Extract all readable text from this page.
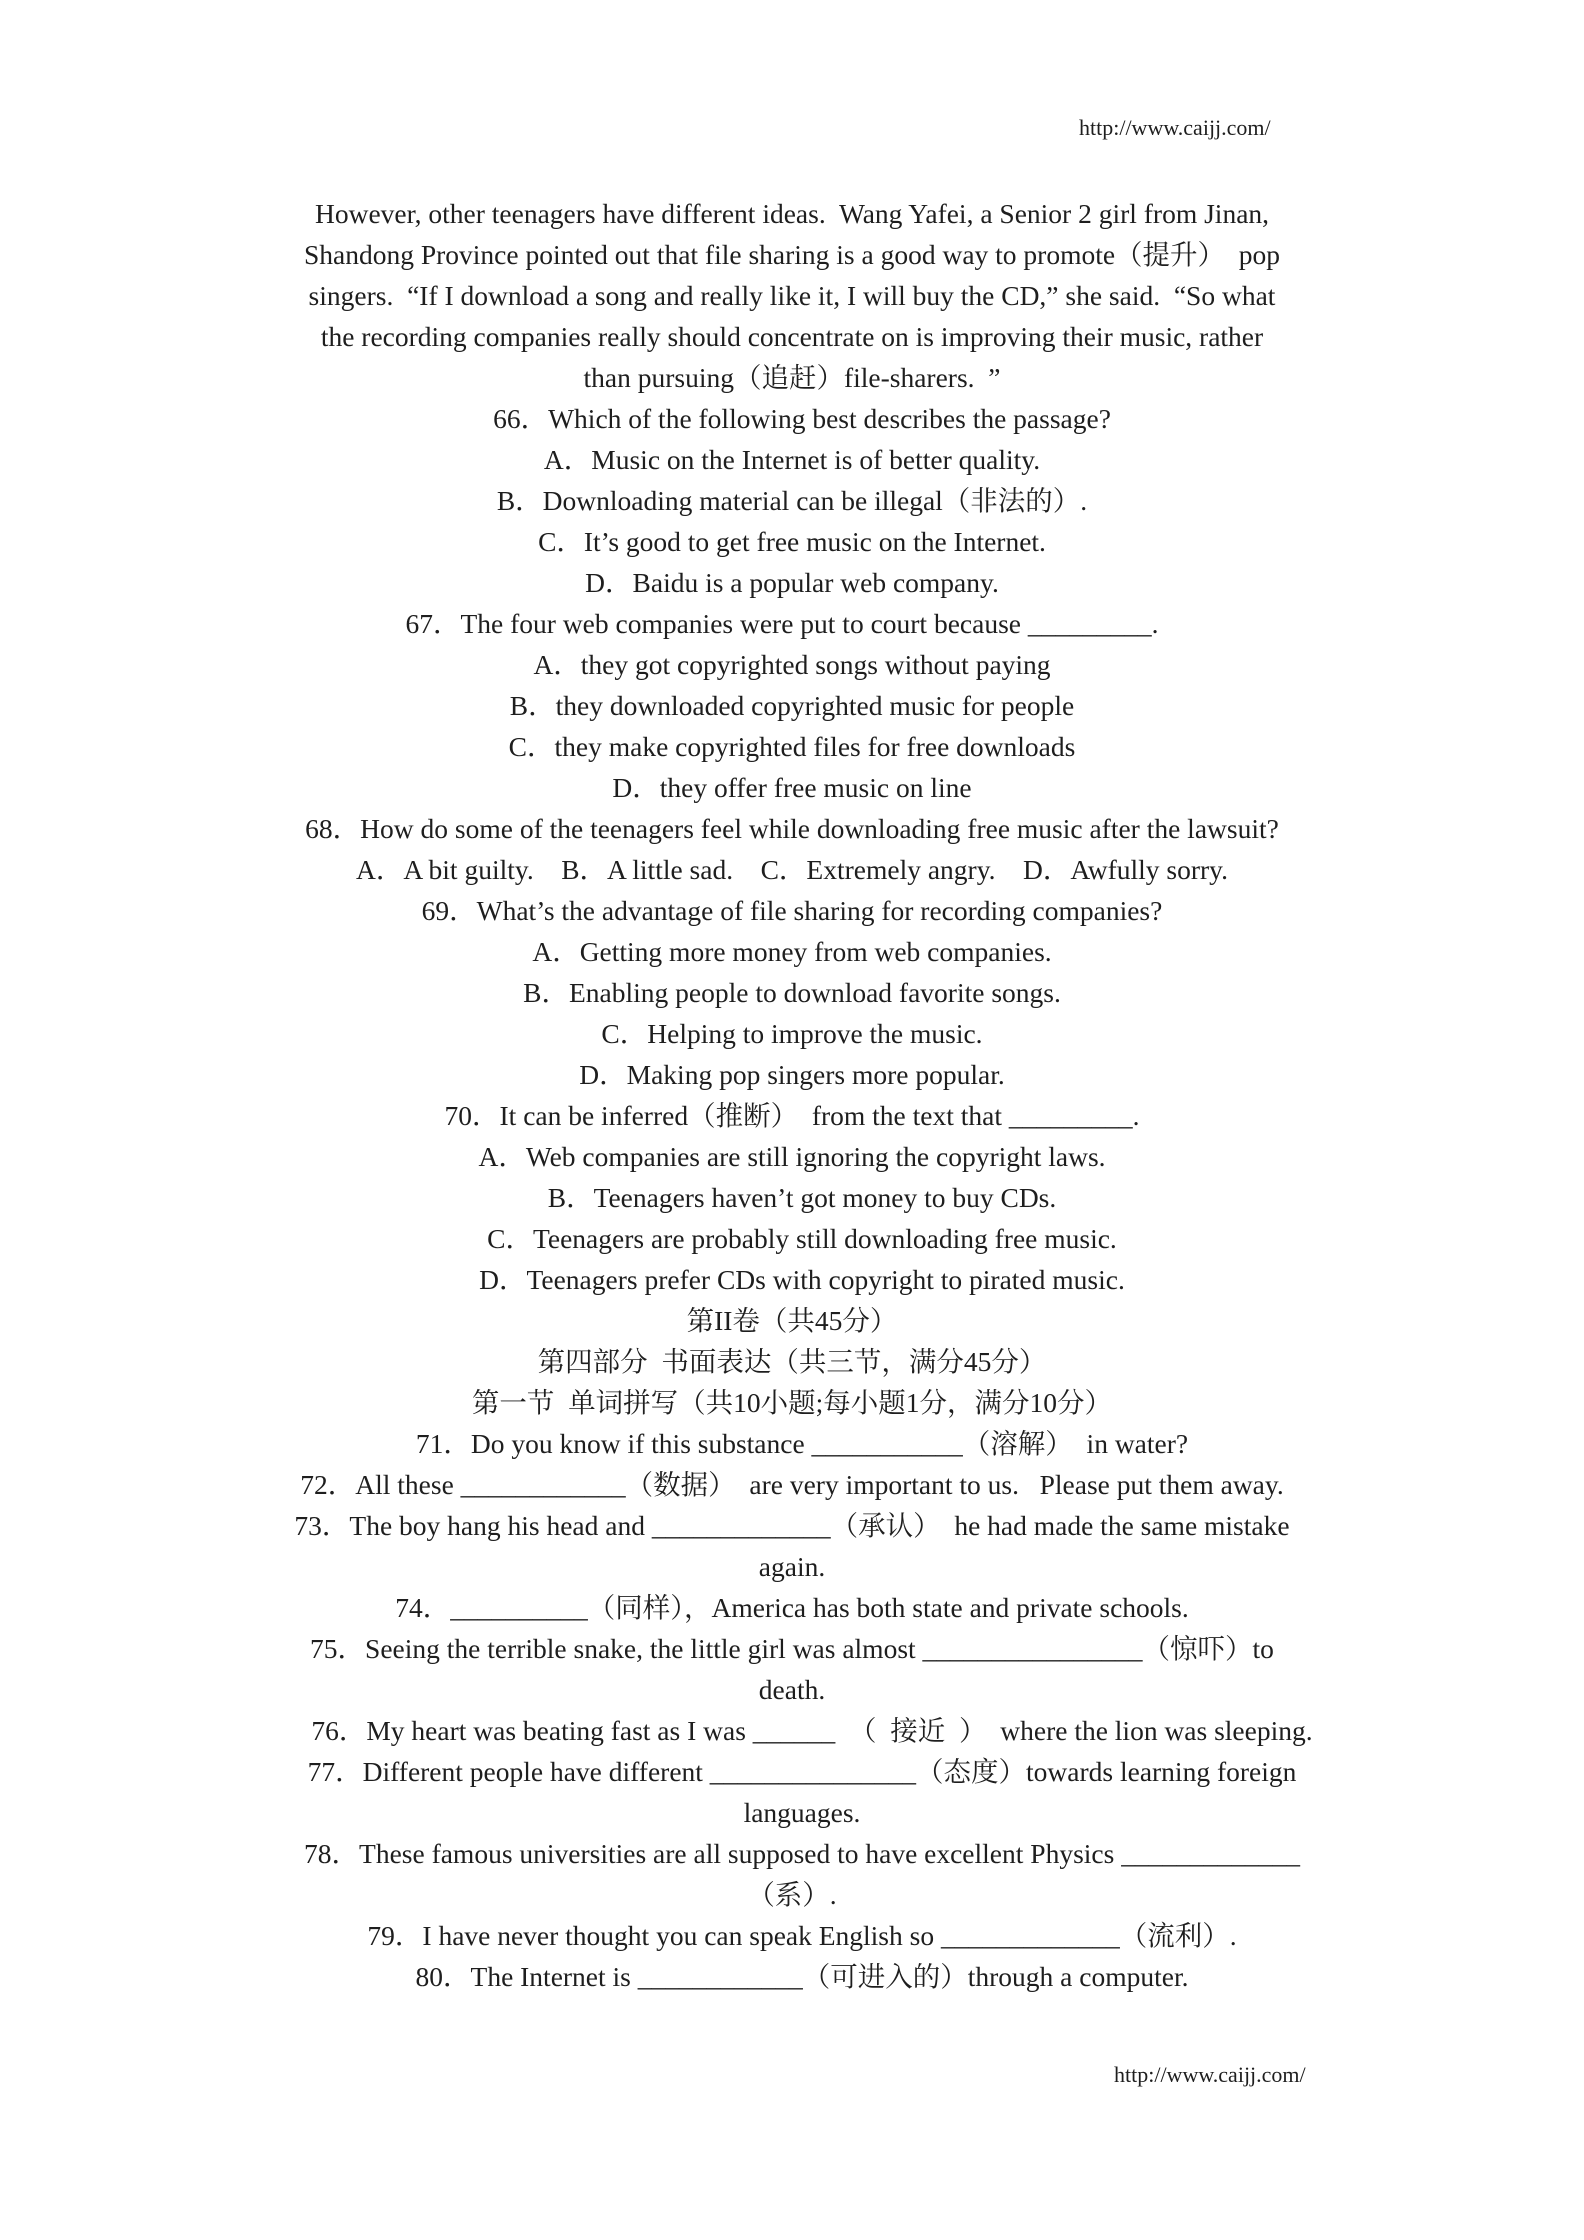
http://www.caijj.com/

However, other teenagers have different ideas.  Wang Yafei, a Senior 2 girl from Jinan,

Shandong Province pointed out that file sharing is a good way to promote（提升）  pop

singers.  “If I download a song and really like it, I will buy the CD,” she said.  “So what

the recording companies really should concentrate on is improving their music, rather

than pursuing（追赶）file-sharers.  ”

66．Which of the following best describes the passage?

A．Music on the Internet is of better quality.

B．Downloading material can be illegal（非法的）.

C．It’s good to get free music on the Internet.

D．Baidu is a popular web company.

67．The four web companies were put to court because _________.

A．they got copyrighted songs without paying

B．they downloaded copyrighted music for people

C．they make copyrighted files for free downloads

D．they offer free music on line

68．How do some of the teenagers feel while downloading free music after the lawsuit?

A．A bit guilty.    B．A little sad.    C．Extremely angry.    D．Awfully sorry.

69．What’s the advantage of file sharing for recording companies?

A．Getting more money from web companies.

B．Enabling people to download favorite songs.

C．Helping to improve the music.

D．Making pop singers more popular.

70．It can be inferred（推断）  from the text that _________.

A．Web companies are still ignoring the copyright laws.

B．Teenagers haven’t got money to buy CDs.

C．Teenagers are probably still downloading free music.

D．Teenagers prefer CDs with copyright to pirated music.

第II卷（共45分）

第四部分  书面表达（共三节，满分45分）

第一节  单词拼写（共10小题;每小题1分，满分10分）

71．Do you know if this substance ___________（溶解）  in water?

72．All these ____________（数据）  are very important to us.   Please put them away.

73．The boy hang his head and _____________（承认）  he had made the same mistake

again.

74．__________（同样），America has both state and private schools.

75．Seeing the terrible snake, the little girl was almost ________________（惊吓）to

death.

76．My heart was beating fast as I was ______  （  接近  ）  where the lion was sleeping.

77．Different people have different _______________（态度）towards learning foreign

languages.

78．These famous universities are all supposed to have excellent Physics _____________

（系）.

79．I have never thought you can speak English so _____________（流利）.

80．The Internet is ____________（可进入的）through a computer.

http://www.caijj.com/
